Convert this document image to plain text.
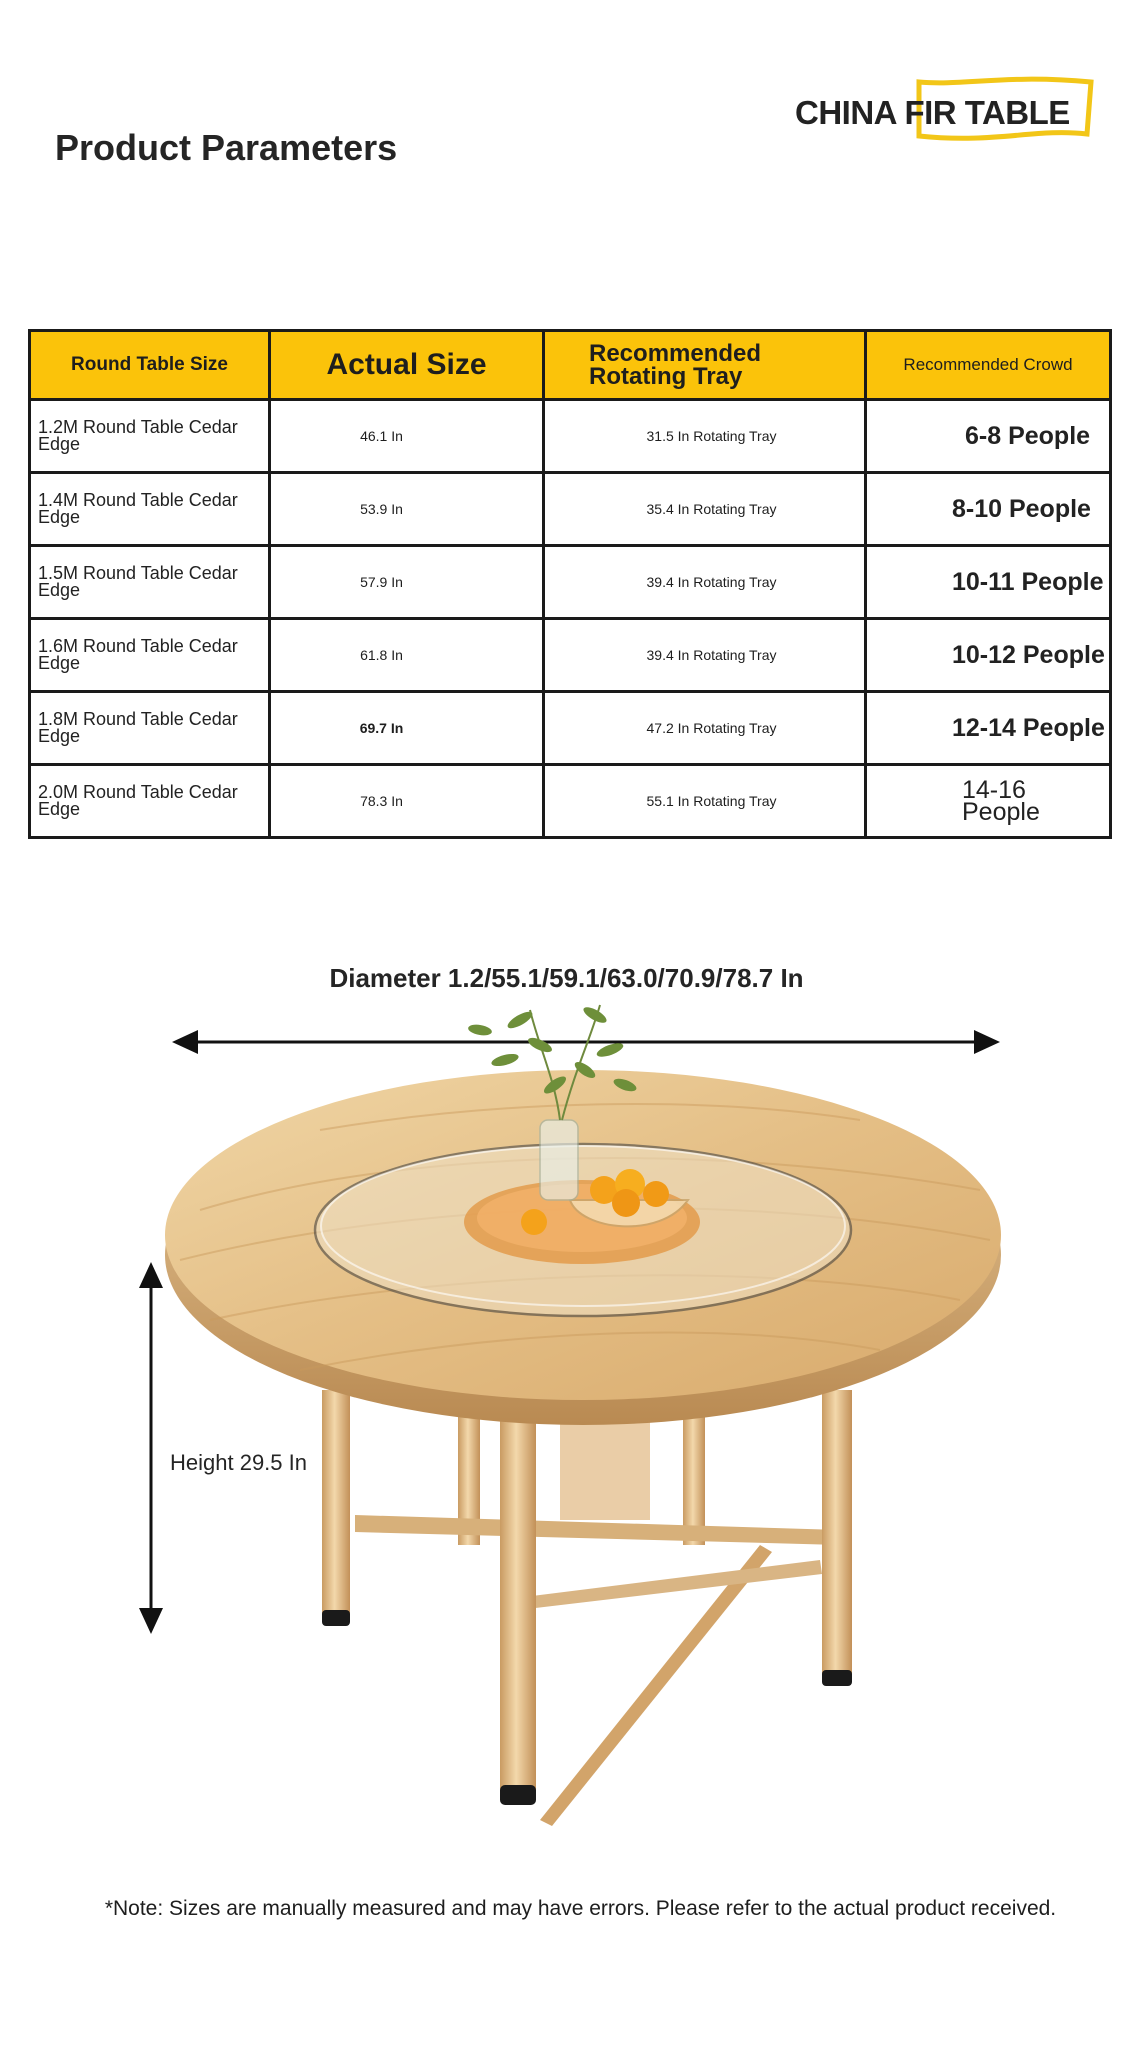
Product Parameters
CHINA FIR TABLE
Round Table Size	Actual Size	Recommended Rotating Tray	Recommended Crowd
1.2M Round Table Cedar Edge	46.1 In	31.5 In Rotating Tray	6-8 People
1.4M Round Table Cedar Edge	53.9 In	35.4 In Rotating Tray	8-10 People
1.5M Round Table Cedar Edge	57.9 In	39.4 In Rotating Tray	10-11 People
1.6M Round Table Cedar Edge	61.8 In	39.4 In Rotating Tray	10-12 People
1.8M Round Table Cedar Edge	69.7 In	47.2 In Rotating Tray	12-14 People
2.0M Round Table Cedar Edge	78.3 In	55.1 In Rotating Tray	14-16 People
Diameter 1.2/55.1/59.1/63.0/70.9/78.7 In
Height 29.5 In
*Note: Sizes are manually measured and may have errors. Please refer to the actual product received.
